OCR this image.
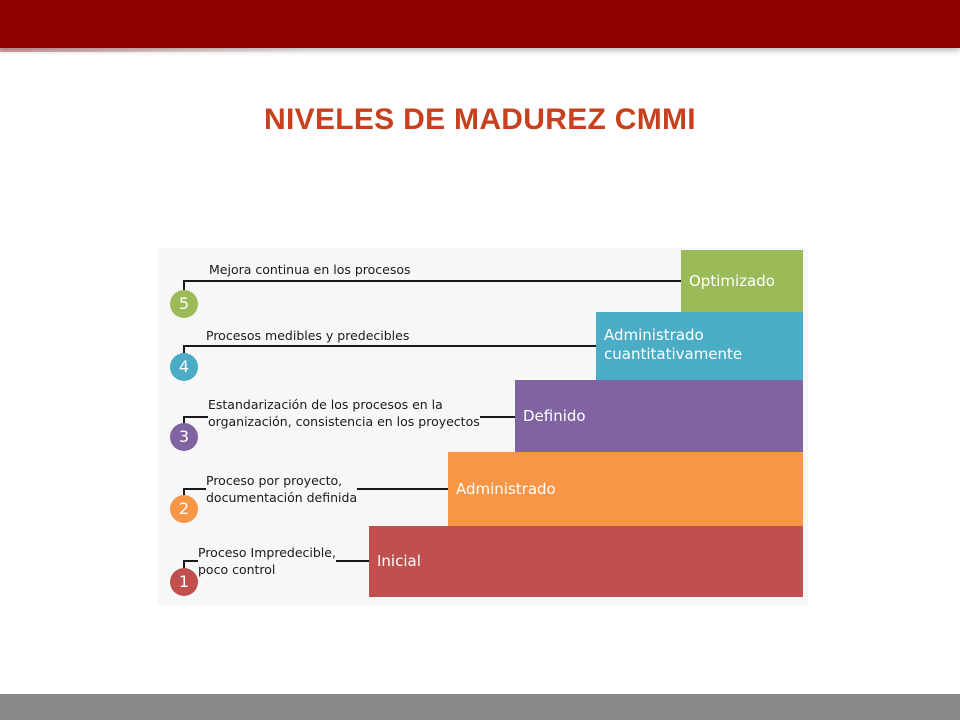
NIVELES DE MADUREZ CMMI
Optimizado
5
Mejora continua en los procesos
Administrado
cuantitativamente
4
Procesos medibles y predecibles
Definido
3
Estandarización de los procesos en la
organización, consistencia en los proyectos
Administrado
2
Proceso por proyecto,
documentación definida
Inicial
1
Proceso Impredecible,
poco control
